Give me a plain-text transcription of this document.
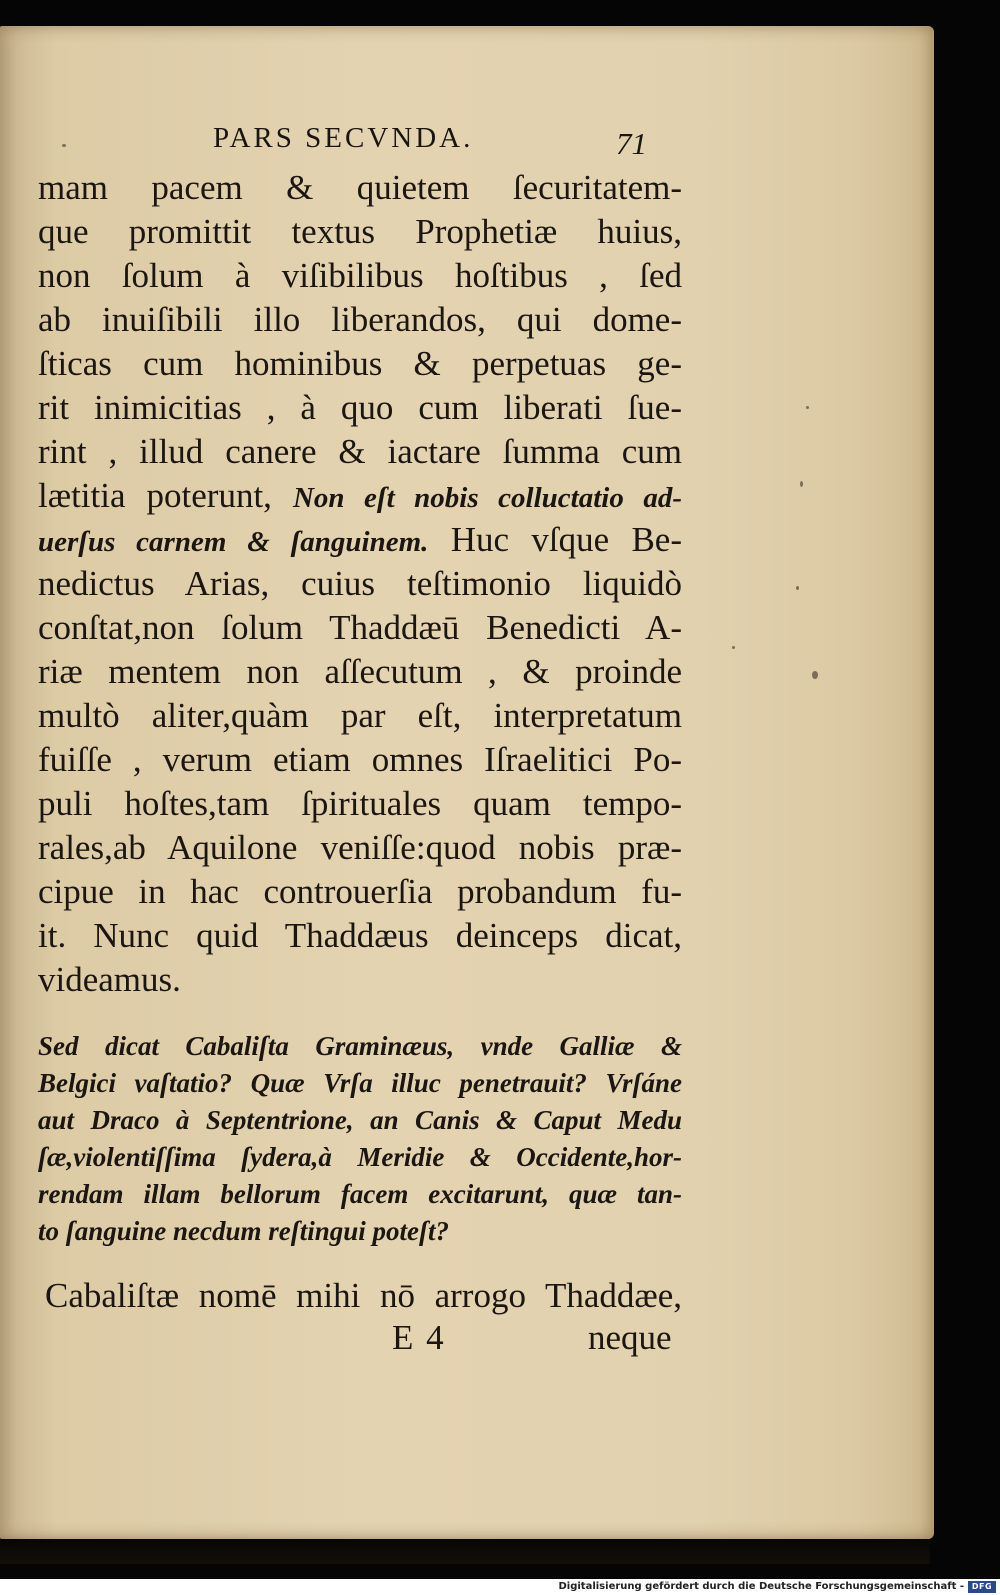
PARS SECVNDA.	71
mam pacem & quietem ſecuritatem-
que promittit textus Prophetiæ huius,
non ſolum à viſibilibus hoſtibus , ſed
ab inuiſibili illo liberandos, qui dome-
ſticas cum hominibus & perpetuas ge-
rit inimicitias , à quo cum liberati ſue-
rint , illud canere & iactare ſumma cum
lætitia poterunt, Non eſt nobis colluctatio ad-
uerſus carnem & ſanguinem. Huc vſque Be-
nedictus Arias, cuius teſtimonio liquidò
conſtat,non ſolum Thaddæū Benedicti A-
riæ mentem non aſſecutum , & proinde
multò aliter,quàm par eſt, interpretatum
fuiſſe , verum etiam omnes Iſraelitici Po-
puli hoſtes,tam ſpirituales quam tempo-
rales,ab Aquilone veniſſe:quod nobis præ-
cipue in hac controuerſia probandum fu-
it. Nunc quid Thaddæus deinceps dicat,
videamus.
Sed dicat Cabaliſta Graminæus, vnde Galliæ &
Belgici vaſtatio? Quæ Vrſa illuc penetrauit? Vrſáne
aut Draco à Septentrione, an Canis & Caput Medu
ſæ,violentiſſima ſydera,à Meridie & Occidente,hor-
rendam illam bellorum facem excitarunt, quæ tan-
to ſanguine necdum reſtingui poteſt?
Cabaliſtæ nomē mihi nō arrogo Thaddæe,
E 4	neque
Digitalisierung gefördert durch die Deutsche Forschungsgemeinschaft - DFG
